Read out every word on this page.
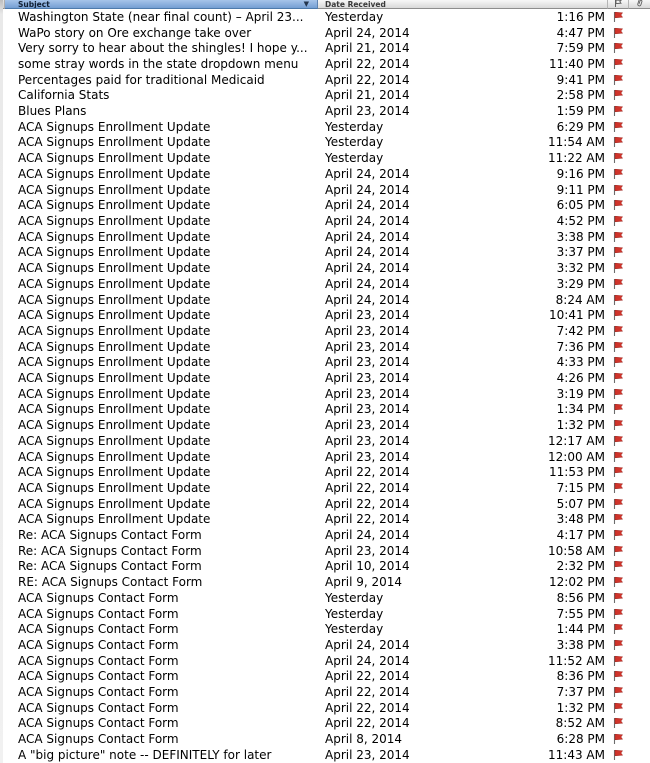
Subject	▼	Date Received
Washington State (near final count) – April 23...	Yesterday	1:16 PM
WaPo story on Ore exchange take over	April 24, 2014	4:47 PM
Very sorry to hear about the shingles! I hope y...	April 21, 2014	7:59 PM
some stray words in the state dropdown menu	April 22, 2014	11:40 PM
Percentages paid for traditional Medicaid	April 22, 2014	9:41 PM
California Stats	April 21, 2014	2:58 PM
Blues Plans	April 23, 2014	1:59 PM
ACA Signups Enrollment Update	Yesterday	6:29 PM
ACA Signups Enrollment Update	Yesterday	11:54 AM
ACA Signups Enrollment Update	Yesterday	11:22 AM
ACA Signups Enrollment Update	April 24, 2014	9:16 PM
ACA Signups Enrollment Update	April 24, 2014	9:11 PM
ACA Signups Enrollment Update	April 24, 2014	6:05 PM
ACA Signups Enrollment Update	April 24, 2014	4:52 PM
ACA Signups Enrollment Update	April 24, 2014	3:38 PM
ACA Signups Enrollment Update	April 24, 2014	3:37 PM
ACA Signups Enrollment Update	April 24, 2014	3:32 PM
ACA Signups Enrollment Update	April 24, 2014	3:29 PM
ACA Signups Enrollment Update	April 24, 2014	8:24 AM
ACA Signups Enrollment Update	April 23, 2014	10:41 PM
ACA Signups Enrollment Update	April 23, 2014	7:42 PM
ACA Signups Enrollment Update	April 23, 2014	7:36 PM
ACA Signups Enrollment Update	April 23, 2014	4:33 PM
ACA Signups Enrollment Update	April 23, 2014	4:26 PM
ACA Signups Enrollment Update	April 23, 2014	3:19 PM
ACA Signups Enrollment Update	April 23, 2014	1:34 PM
ACA Signups Enrollment Update	April 23, 2014	1:32 PM
ACA Signups Enrollment Update	April 23, 2014	12:17 AM
ACA Signups Enrollment Update	April 23, 2014	12:00 AM
ACA Signups Enrollment Update	April 22, 2014	11:53 PM
ACA Signups Enrollment Update	April 22, 2014	7:15 PM
ACA Signups Enrollment Update	April 22, 2014	5:07 PM
ACA Signups Enrollment Update	April 22, 2014	3:48 PM
Re: ACA Signups Contact Form	April 24, 2014	4:17 PM
Re: ACA Signups Contact Form	April 23, 2014	10:58 AM
Re: ACA Signups Contact Form	April 10, 2014	2:32 PM
RE: ACA Signups Contact Form	April 9, 2014	12:02 PM
ACA Signups Contact Form	Yesterday	8:56 PM
ACA Signups Contact Form	Yesterday	7:55 PM
ACA Signups Contact Form	Yesterday	1:44 PM
ACA Signups Contact Form	April 24, 2014	3:38 PM
ACA Signups Contact Form	April 24, 2014	11:52 AM
ACA Signups Contact Form	April 22, 2014	8:36 PM
ACA Signups Contact Form	April 22, 2014	7:37 PM
ACA Signups Contact Form	April 22, 2014	1:32 PM
ACA Signups Contact Form	April 22, 2014	8:52 AM
ACA Signups Contact Form	April 8, 2014	6:28 PM
A "big picture" note -- DEFINITELY for later	April 23, 2014	11:43 AM
